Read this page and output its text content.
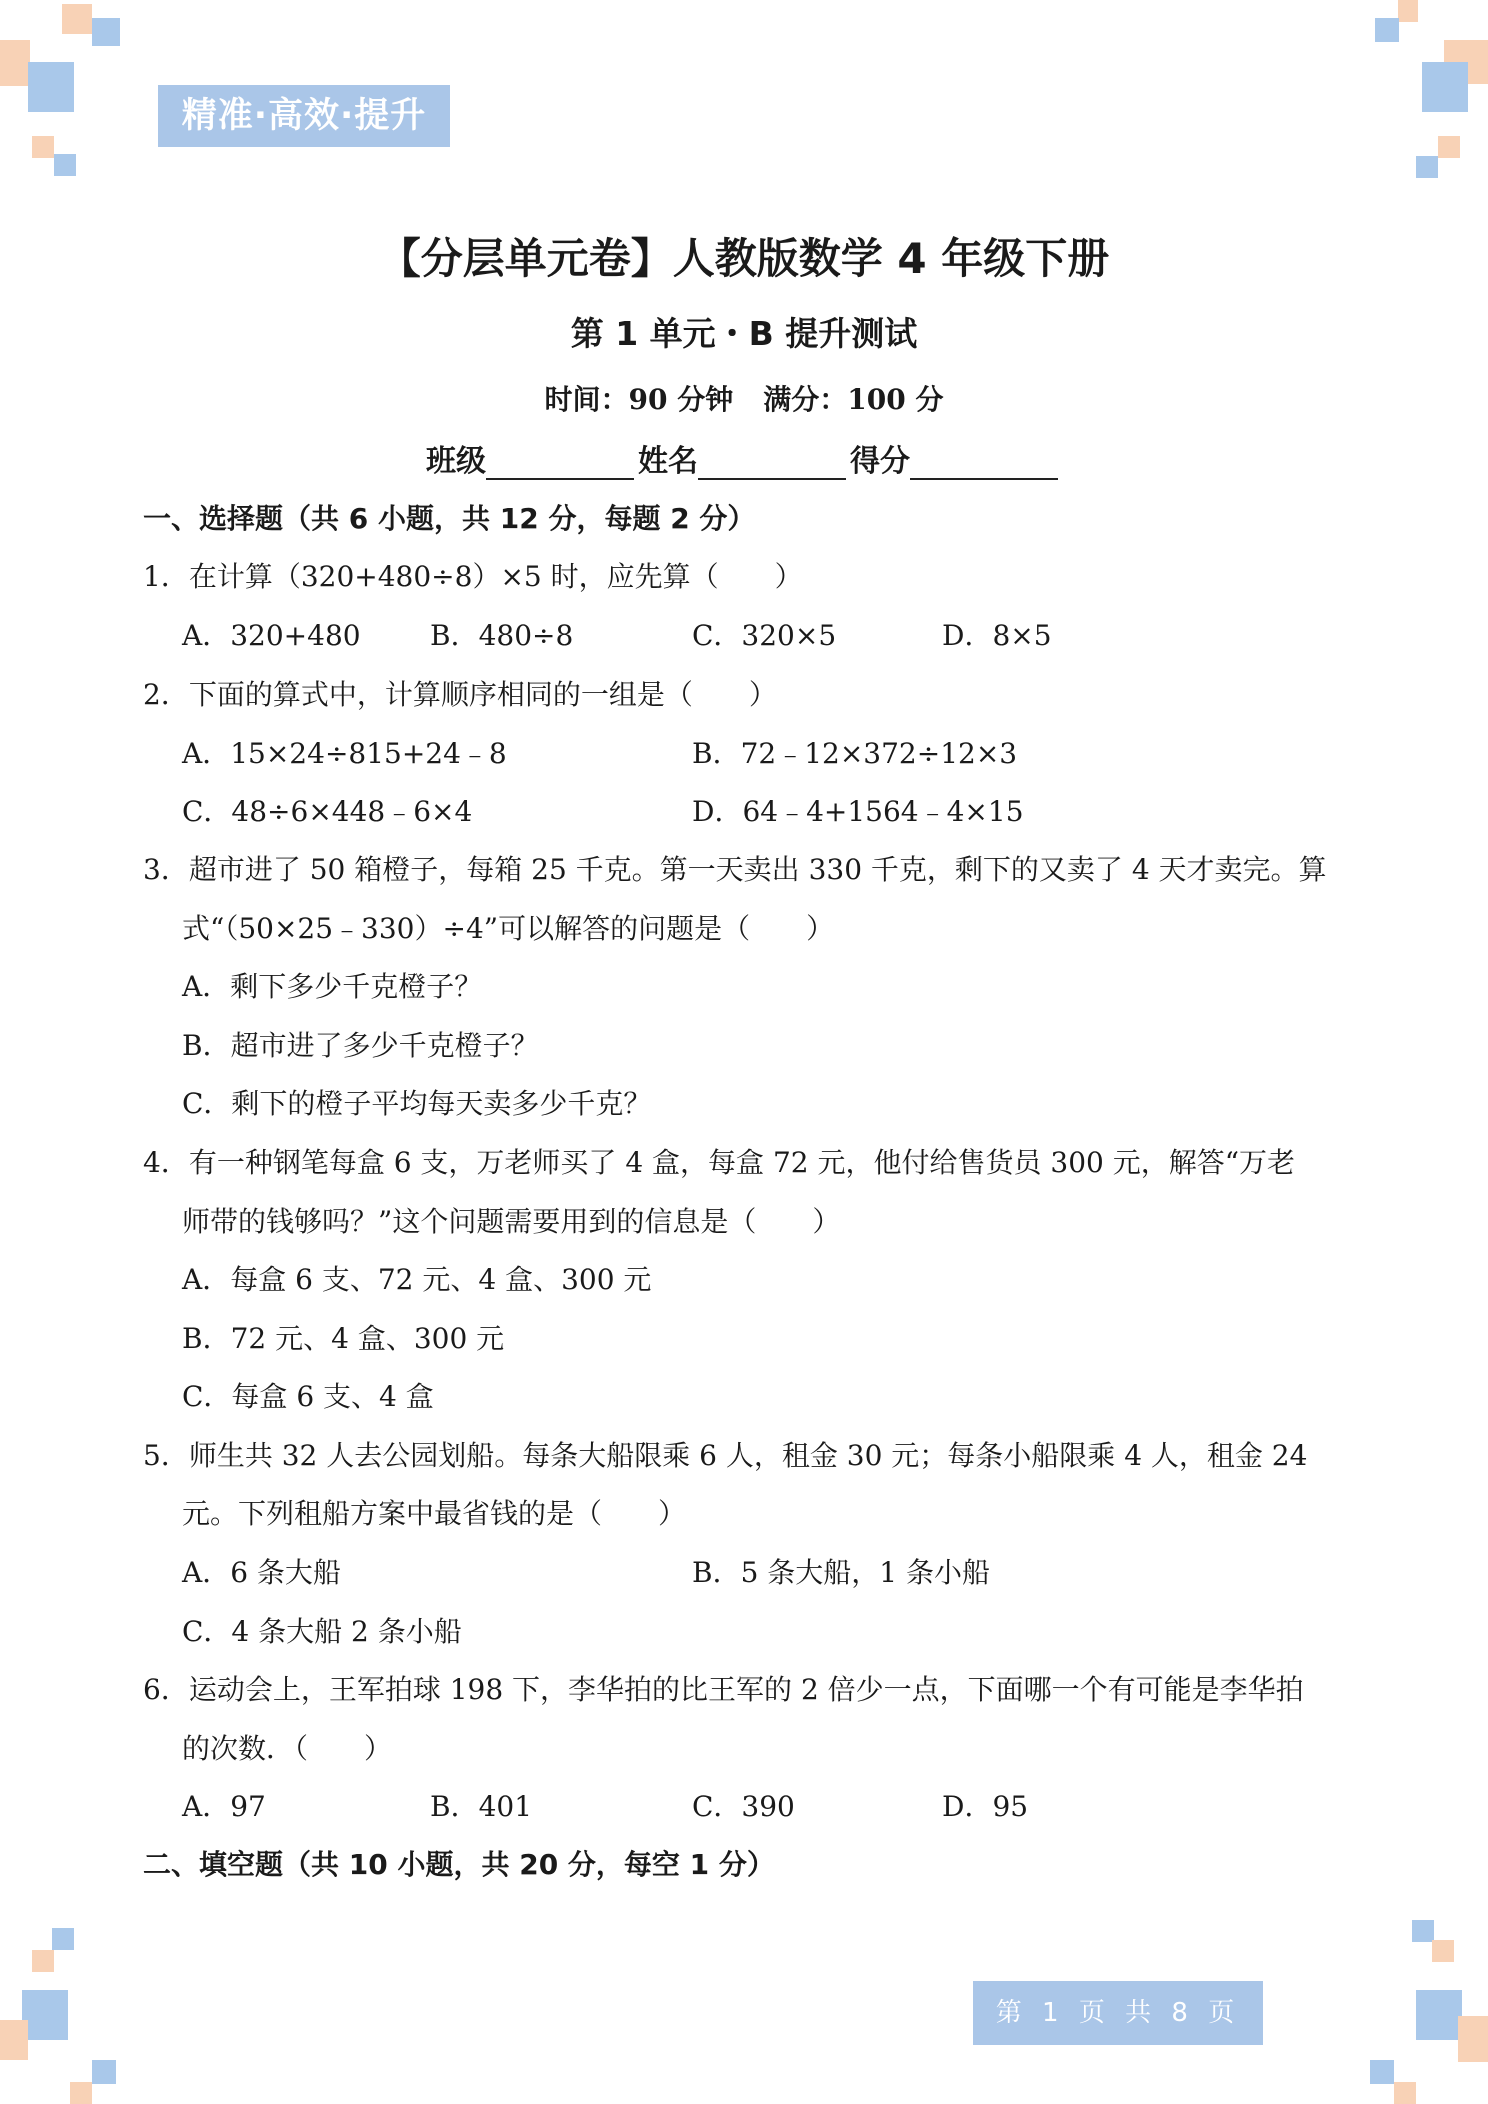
精准·高效·提升
【分层单元卷】人教版数学 4 年级下册
第 1 单元・B 提升测试
时间：90 分钟 满分：100 分
班级	姓名	得分
一、选择题（共 6 小题，共 12 分，每题 2 分）
1．在计算（320+480÷8）×5 时，应先算（　　）
A．320+480 B．480÷8	C．320×5	D．8×5
2．下面的算式中，计算顺序相同的一组是（　　）
A．15×24÷815+24﹣8	B．72﹣12×372÷12×3
C．48÷6×448﹣6×4	D．64﹣4+1564﹣4×15
3．超市进了 50 箱橙子，每箱 25 千克。第一天卖出 330 千克，剩下的又卖了 4 天才卖完。算
式“（50×25﹣330）÷4”可以解答的问题是（　　）
A．剩下多少千克橙子？
B．超市进了多少千克橙子？
C．剩下的橙子平均每天卖多少千克？
4．有一种钢笔每盒 6 支，万老师买了 4 盒，每盒 72 元，他付给售货员 300 元，解答“万老
师带的钱够吗？”这个问题需要用到的信息是（　　）
A．每盒 6 支、72 元、4 盒、300 元
B．72 元、4 盒、300 元
C．每盒 6 支、4 盒
5．师生共 32 人去公园划船。每条大船限乘 6 人，租金 30 元；每条小船限乘 4 人，租金 24
元。下列租船方案中最省钱的是（　　）
A．6 条大船	B．5 条大船，1 条小船
C．4 条大船 2 条小船
6．运动会上，王军拍球 198 下，李华拍的比王军的 2 倍少一点，下面哪一个有可能是李华拍
的次数．（　　）
A．97	B．401	C．390	D．95
二、填空题（共 10 小题，共 20 分，每空 1 分）
第 1 页 共 8 页
